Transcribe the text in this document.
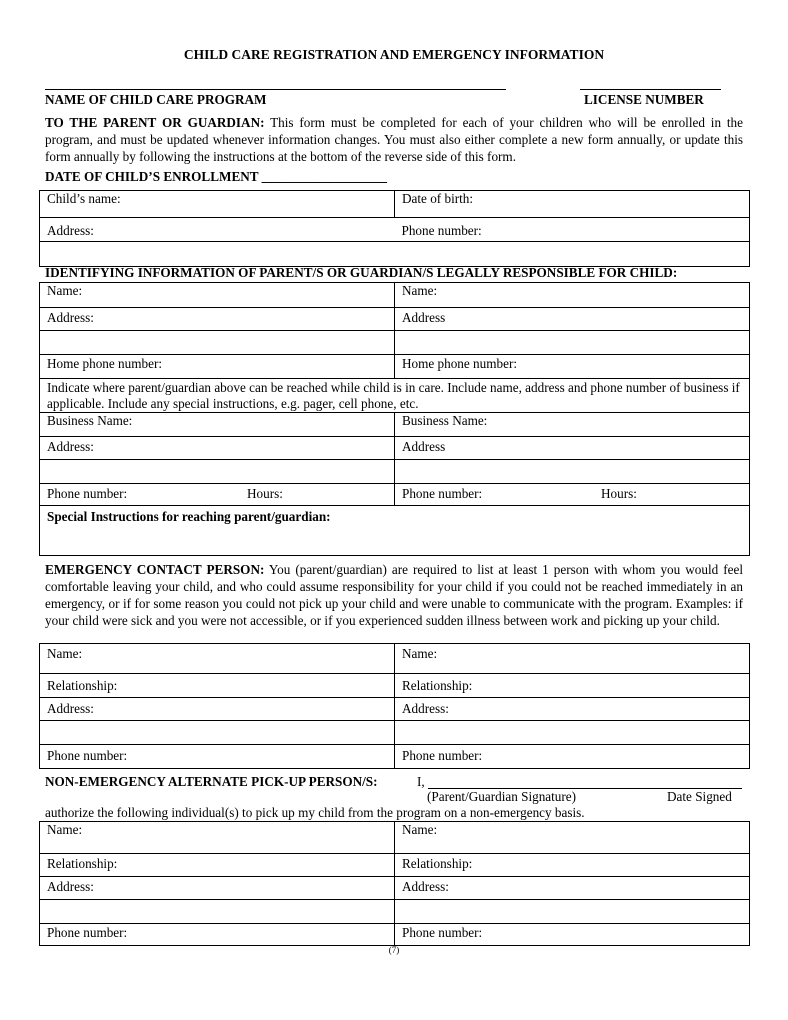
CHILD CARE REGISTRATION AND EMERGENCY INFORMATION
NAME OF CHILD CARE PROGRAM	LICENSE NUMBER
TO THE PARENT OR GUARDIAN: This form must be completed for each of your children who will be enrolled in the program, and must be updated whenever information changes. You must also either complete a new form annually, or update this form annually by following the instructions at the bottom of the reverse side of this form.
DATE OF CHILD’S ENROLLMENT ___________________
Child’s name:	Date of birth:
Address:	Phone number:

IDENTIFYING INFORMATION OF PARENT/S OR GUARDIAN/S LEGALLY RESPONSIBLE FOR CHILD:
Name:	Name:
Address:	Address

Home phone number:	Home phone number:
Indicate where parent/guardian above can be reached while child is in care. Include name, address and phone number of business if applicable. Include any special instructions, e.g. pager, cell phone, etc.	
Business Name:	Business Name:
Address:	Address

Phone number: Hours:	Phone number: Hours:

Special Instructions for reaching parent/guardian:	
EMERGENCY CONTACT PERSON: You (parent/guardian) are required to list at least 1 person with whom you would feel comfortable leaving your child, and who could assume responsibility for your child if you could not be reached immediately in an emergency, or if for some reason you could not pick up your child and were unable to communicate with the program. Examples: if your child were sick and you were not accessible, or if you experienced sudden illness between work and picking up your child.
Name:	Name:
Relationship:	Relationship:
Address:	Address:

Phone number:	Phone number:
NON-EMERGENCY ALTERNATE PICK-UP PERSON/S:	I,
(Parent/Guardian Signature)	Date Signed
authorize the following individual(s) to pick up my child from the program on a non-emergency basis.
Name:	Name:
Relationship:	Relationship:
Address:	Address:

Phone number:	Phone number:
(7)
